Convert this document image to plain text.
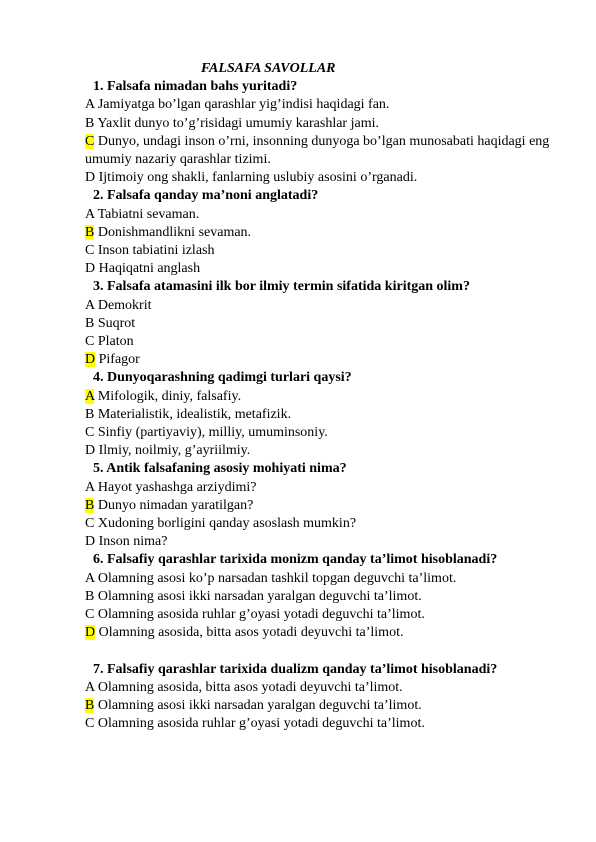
FALSAFA SAVOLLAR

1. Falsafa nimadan bahs yuritadi?
A Jamiyatga bo’lgan qarashlar yig’indisi haqidagi fan.
B Yaxlit dunyo to’g’risidagi umumiy karashlar jami.
C Dunyo, undagi inson o’rni, insonning dunyoga bo’lgan munosabati haqidagi eng umumiy nazariy qarashlar tizimi.
D Ijtimoiy ong shakli, fanlarning uslubiy asosini o’rganadi.
2. Falsafa qanday ma’noni anglatadi?
A Tabiatni sevaman.
B Donishmandlikni sevaman.
C Inson tabiatini izlash
D Haqiqatni anglash
3. Falsafa atamasini ilk bor ilmiy termin sifatida kiritgan olim?
A Demokrit
B Suqrot
C Platon
D Pifagor
4. Dunyoqarashning qadimgi turlari qaysi?
A Mifologik, diniy, falsafiy.
B Materialistik, idealistik, metafizik.
C Sinfiy (partiyaviy), milliy, umuminsoniy.
D Ilmiy, noilmiy, g’ayriilmiy.
5. Antik falsafaning asosiy mohiyati nima?
A Hayot yashashga arziydimi?
B Dunyo nimadan yaratilgan?
C Xudoning borligini qanday asoslash mumkin?
D Inson nima?
6. Falsafiy qarashlar tarixida monizm qanday ta’limot hisoblanadi?
A Olamning asosi ko’p narsadan tashkil topgan deguvchi ta’limot.
B Olamning asosi ikki narsadan yaralgan deguvchi ta’limot.
C Olamning asosida ruhlar g’oyasi yotadi deguvchi ta’limot.
D Olamning asosida, bitta asos yotadi deyuvchi ta’limot.
7. Falsafiy qarashlar tarixida dualizm qanday ta’limot hisoblanadi?
A Olamning asosida, bitta asos yotadi deyuvchi ta’limot.
B Olamning asosi ikki narsadan yaralgan deguvchi ta’limot.
C Olamning asosida ruhlar g’oyasi yotadi deguvchi ta’limot.
